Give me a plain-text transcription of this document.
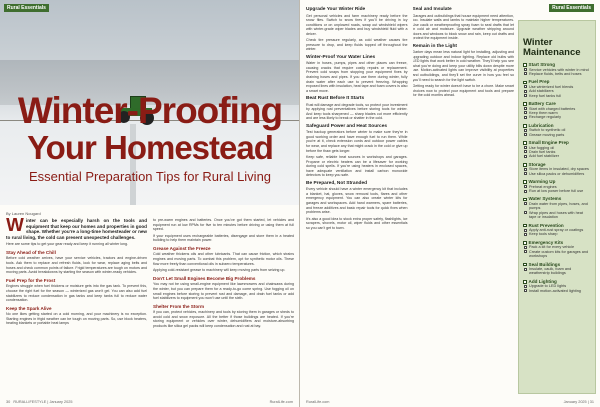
Rural Essentials
Winter-Proofing
Your Homestead
Essential Preparation Tips for Rural Living
By Lauren Nougard

Winter can be especially harsh on the tools and equipment that keep our homes and properties in good shape. Whether you're a long-time homesteader or new to rural living, the cold can present unexpected challenges.

Here are some tips to get your gear ready and keep it running all winter long.

Stay Ahead of the Chill

Before cold weather arrives, have your service vehicles, tractors and engine-driven tools. Ask them to replace and refresh fluids, look for wear, replace aging belts and hoses and check common points of failure. Frigid temperatures are tough on motors and moving parts. Avoid breakdowns by starting the season with winter-ready vehicles.

Fuel Prep for the Frost

Engines struggle when fuel thickens or moisture gets into the gas tank. To prevent this, choose the right fuel for the season — winterized gas won't gel. You can also add fuel stabilizers to reduce condensation in gas tanks and keep tanks full to reduce water condensation.

Keep the Spark Alive

No one likes getting started on a cold morning, and your machinery is no exception. Starting engines in frigid weather can be tough on moving parts. So, use block heaters, heating blankets or portable heat lamps

to pre-warm engines and batteries. Once you've got them started, let vehicles and equipment run at low RPMs for five to ten minutes before driving or using them at full speed.

If your equipment uses rechargeable batteries, disengage and store them in a heated building to help them maintain power.

Grease Against the Freeze

Cold weather thickens oils and other lubricants. That can cause friction, which strains engines and moving parts. To combat this problem, opt for synthetic motor oils. These flow more freely than conventional oils in subzero temperatures.

Applying cold-resistant grease to machinery will keep moving parts from seizing up.

Don't Let Small Engines Become Big Problems

You may not be using small-engine equipment like lawnmowers and chainsaws during the winter, but you can prepare them for a ready-to-go come spring. Use fogging oil on small engines before storing to prevent rust and damage, and drain fuel tanks or add fuel stabilizers to equipment you won't use until the sixth.

Shelter From the Storm

If you can, protect vehicles, machinery and tools by storing them in garages or sheds to avoid cold and snow exposure. All the better if those buildings are heated. If you're storing equipment or vehicles over winter, dehumidifiers and moisture-absorbing products like silica gel packs will keep condensation and rust at bay.

30 RURALLIFESTYLE | January 2025	RuralLife.com
Upgrade Your Winter Ride

Get personal vehicles and farm machinery ready before the snow flies. Switch to snow tires if you'll be driving in icy conditions or on unplowed roads, swap out windshield wipers with winter-grade wiper blades and buy windshield fluid with a deicer.

Check tire pressure regularly, as cold weather causes tire pressure to drop, and keep fluids topped off throughout the winter.

Winter-Proof Your Water Lines

Water in hoses, pumps, pipes and other places can freeze, causing cracks that require costly repairs or replacement. Prevent cold snaps from stopping your equipment fixes by draining hoses and pipes. If you use them during winter, fully drain water after each use to prevent freezing. Wrapping exposed lines with insulation, heat tape and foam covers is also a smart move.

Beat Rust Before It Starts

Rust will damage and degrade tools, so protect your investment by applying rust preventatives before storing tools for winter. And keep tools sharpened — sharp blades cut more efficiently and are less likely to break or shatter in the cold.

Safeguard Power and Heat Sources

Test backup generators before winter to make sure they're in good working order and have enough fuel to run them. While you're at it, check extension cords and outdoor power cables for wear, and replace any that might crack in the cold or give up before the thaw gets longer.

Keep safe, reliable heat sources in workshops and garages. Propane or electric heaters can be a lifesaver for working during cold spells. If you're using heaters in enclosed spaces, have adequate ventilation and install carbon monoxide detectors to keep you safe.

Be Prepared, Not Stranded

Every vehicle should have a winter emergency kit that includes a blanket, hat, gloves, snow removal tools, flares and other emergency equipment. You can also create winter kits for garages and workspaces. Add hand warmers, spare batteries, and freeze additives and basic repair tools for quick fixes when problems arise.

It's also a good idea to stock extra proper safety, flashlights, ice scrapers, shovels, motor oil, wiper fluids and other essentials so you can't get to town.

Seal and Insulate

Garages and outbuildings that house equipment need attention, too. Insulate walls and lambs to maintain higher temperatures. Use caulk or weatherproofing spray foam to seal drafts that let in cold air and moisture. Upgrade weather stripping around doors and windows to block snow and rain, keep out drafts and protect the equipment inside.

Remain in the Light

Darker days mean less natural light for installing, adjusting and upgrading outdoor and indoor lighting. Replace old bulbs with LED lights that work better in cold weather. They'll help you see what you're doing and keep your utility bills down despite more use. Motion-activated lights can improve visibility at properties and outbuildings, and they'll set the curve in how you feel so you'll need to search for the light switch.

Getting ready for winter doesn't have to be a chore. Make smart choices now to protect your equipment and tools and prepare for the cold months ahead.

Rural Essentials
Winter Maintenance
Start Strong
Service vehicles with winter in mind
Replace fluids, belts and hoses
Fuel Prep
Use winterized fuel blends
Add stabilizers
Keep fuel tanks full
Battery Care
Start with charged batteries
Keep them warm
Recharge regularly
Lubrication
Switch to synthetic oil
Grease moving parts
Small Engine Prep
Use fogging oil
Drain fuel tanks
Add fuel stabilizer
Storage
Store items in insulated, dry spaces
Use silica packs or dehumidifiers
Warming Up
Preheat engines
Run at low power before full use
Water Systems
Drain water from pipes, hoses, and pumps
Wrap pipes and hoses with heat tape or insulation
Rust Prevention
Apply anti-rust spray or coatings
Keep tools sharp
Emergency Kits
Pack a kit for every vehicle
Create custom kits for garages and workshops
Seal Buildings
Insulate, caulk, foam and weatherstrip buildings
Add Lighting
Upgrade to LED lights
Install motion-activated lighting
RuralLife.com	January 2025 | 31
